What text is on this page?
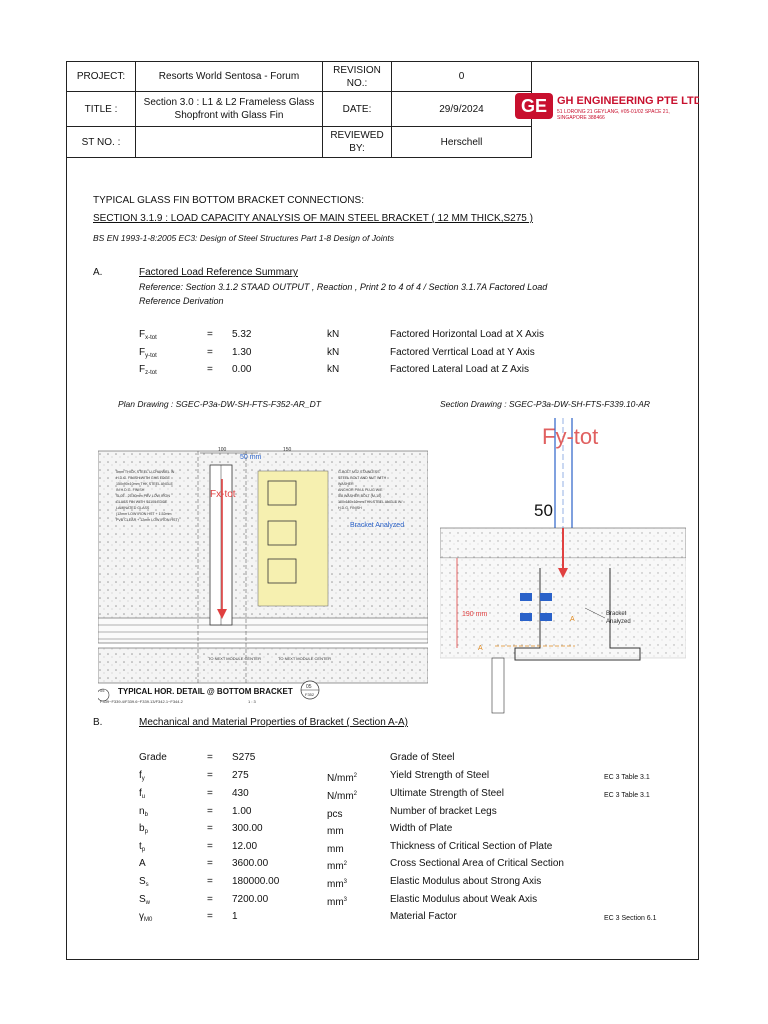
PROJECT:	Resorts World Sentosa - Forum	REVISION NO.:	0
TITLE :	Section 3.0 : L1 & L2 Frameless Glass Shopfront with Glass Fin	DATE:	29/9/2024
ST NO. :		REVIEWED BY:	Herschell
GE GH ENGINEERING PTE LTD
51 LORONG 21 GEYLANG, #05-01/02 SPACE 21,
SINGAPORE 388466
TYPICAL GLASS FIN BOTTOM BRACKET CONNECTIONS:
SECTION 3.1.9 : LOAD CAPACITY ANALYSIS OF MAIN STEEL BRACKET ( 12 MM THICK,S275 )
BS EN 1993-1-8:2005 EC3: Design of Steel Structures Part 1-8 Design of Joints
A.	Factored Load Reference Summary
Reference: Section 3.1.2 STAAD OUTPUT , Reaction , Print 2 to 4 of 4 / Section 3.1.7A Factored Load
Reference Derivation
$F_{x-tot}$	= 5.32	kN	Factored Horizontal Load at X Axis
$F_{y-tot}$	= 1.30	kN	Factored Verrtical Load at Y Axis
$F_{z-tot}$	= 0.00	kN	Factored Lateral Load at Z Axis
Plan Drawing : SGEC-P3a-DW-SH-FTS-F352-AR_DT	Section Drawing : SGEC-P3a-DW-SH-FTS-F339.10-AR
100	150
50 mm
Fx-tot
Bracket Analyzed
5mm THICK STEEL U-CHANNEL IN
H.D.G. FINISH WITH GHS EDGE
150x90x10mm THK STEEL ANGLE
IN H.D.G. FINISH
SL05 - 25.80mm PBV LOW IRON
GLASS FIN WITH S1100 EDGE
LAMINATED GLASS
(12mm LOW IRON HST + 1.52mm
PVB CLEAR + 12mm LOW IRON HST)
G-BOLT M12 STAINLESS
STEEL BOLT AND NUT WITH
WASHER
ANCHOR PIN & PLUG W/E
5/8 WASHER BOLT (M-10)
100x150x10mm THK STEEL ANGLE W/
H.D.G. FINISH
TO NEXT MODULE CENTER	TO NEXT MODULE CENTER
05
F352
05 TYPICAL HOR. DETAIL @ BOTTOM BRACKET
F339~F339.4/F339.6~F339.13/F342.1~F344.2	1 : 3
Fy-tot
50
190 mm
A
A
Bracket
Analyzed
B.	Mechanical and Material Properties of Bracket ( Section A-A)
Grade	= S275	Grade of Steel
$f_y$	= 275	$N/mm^2$	Yield Strength of Steel	EC 3 Table 3.1
$f_u$	= 430	$N/mm^2$	Ultimate Strength of Steel	EC 3 Table 3.1
$n_b$	= 1.00	pcs	Number of bracket Legs
$b_p$	= 300.00	mm	Width of Plate
$t_p$	= 12.00	mm	Thickness of Critical Section of Plate
A	= 3600.00	$mm^2$	Cross Sectional Area of Critical Section
$S_s$	= 180000.00	$mm^3$	Elastic Modulus about Strong Axis
$S_w$	= 7200.00	$mm^3$	Elastic Modulus about Weak Axis
$\gamma_{M0}$	= 1	Material Factor	EC 3 Section 6.1
